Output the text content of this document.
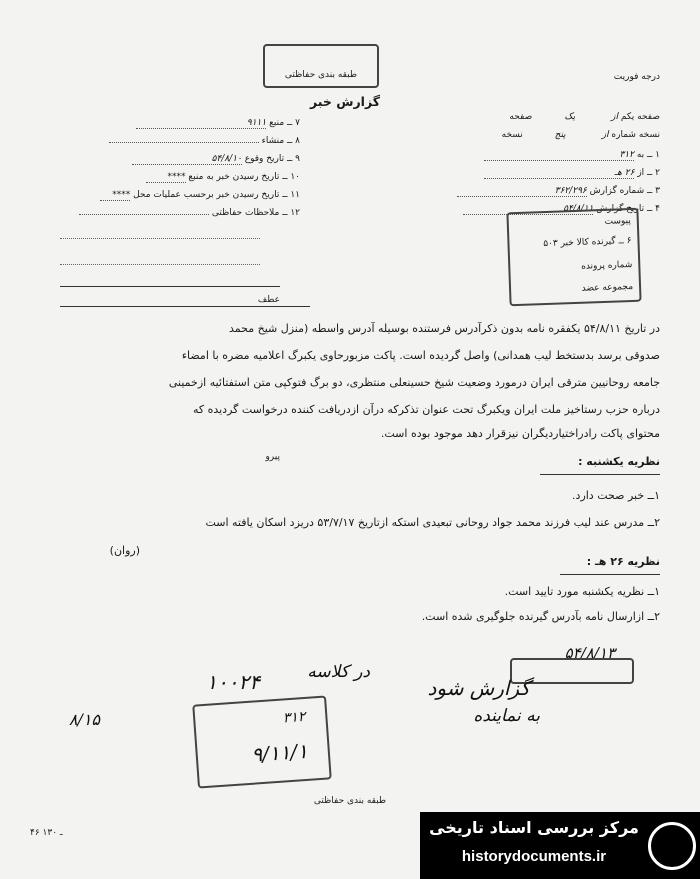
طبقه بندی حفاظتی	درجه فوریت
گزارش خبر
صفحه یکم از یک صفحه
نسخه شماره از پنج نسخه
۱ ــ به ۳۱۲
۲ ــ از ۲۶ هـ
۳ ــ شماره گزارش ۳۶۲/۲۹۶
۴ ــ تاریخ گزارش ۵۴/۸/۱۱
پیوست
۶ ــ گیرنده کالا خبر ۵۰۳
شماره پرونده
مجموعه عضد
۷ ــ منبع ۹۱۱۱
۸ ــ منشاء
۹ ــ تاریخ وقوع ۵۴/۸/۱۰
۱۰ ــ تاریخ رسیدن خبر به منبع ****
۱۱ ــ تاریخ رسیدن خبر برحسب عملیات محل ****
۱۲ ــ ملاحظات حفاظتی
عطف
پیرو
در تاریخ ۵۴/۸/۱۱ یکفقره نامه بدون ذکرآدرس فرستنده بوسیله آدرس واسطه (منزل شیخ محمد
صدوقی برسد بدستخط لیب همدانی) واصل گردیده است. پاکت مزبورحاوی یکبرگ اعلامیه مضره با امضاء
جامعه روحانیین مترقی ایران درمورد وضعیت شیخ حسینعلی منتظری، دو برگ فتوکپی متن استفتائیه ازخمینی
درباره حزب رستاخیز ملت ایران ویکبرگ تحت عنوان تذکرکه درآن ازدریافت کننده درخواست گردیده که
محتوای پاکت رادراختیاردیگران نیزقرار دهد موجود بوده است.
نظریه یکشنبه :
۱ــ خبر صحت دارد.
۲ــ مدرس عند لیب فرزند محمد جواد روحانی تبعیدی استکه ازتاریخ ۵۳/۷/۱۷ دریزد اسکان یافته است
(روان)
نظریه ۲۶ هـ :
۱ــ نظریه یکشنبه مورد تایید است.
۲ــ ازارسال نامه بآدرس گیرنده جلوگیری شده است.
۵۴/۸/۱۳
۱۰۰۲۴	در کلاسه
گزارش شود
به نماینده
۸/۱۵	۳۱۲
۹/۱۱/۱
طبقه بندی حفاظتی
۴۶ ـ ۱۳۰	مرکز بررسی اسناد تاریخی
historydocuments.ir
